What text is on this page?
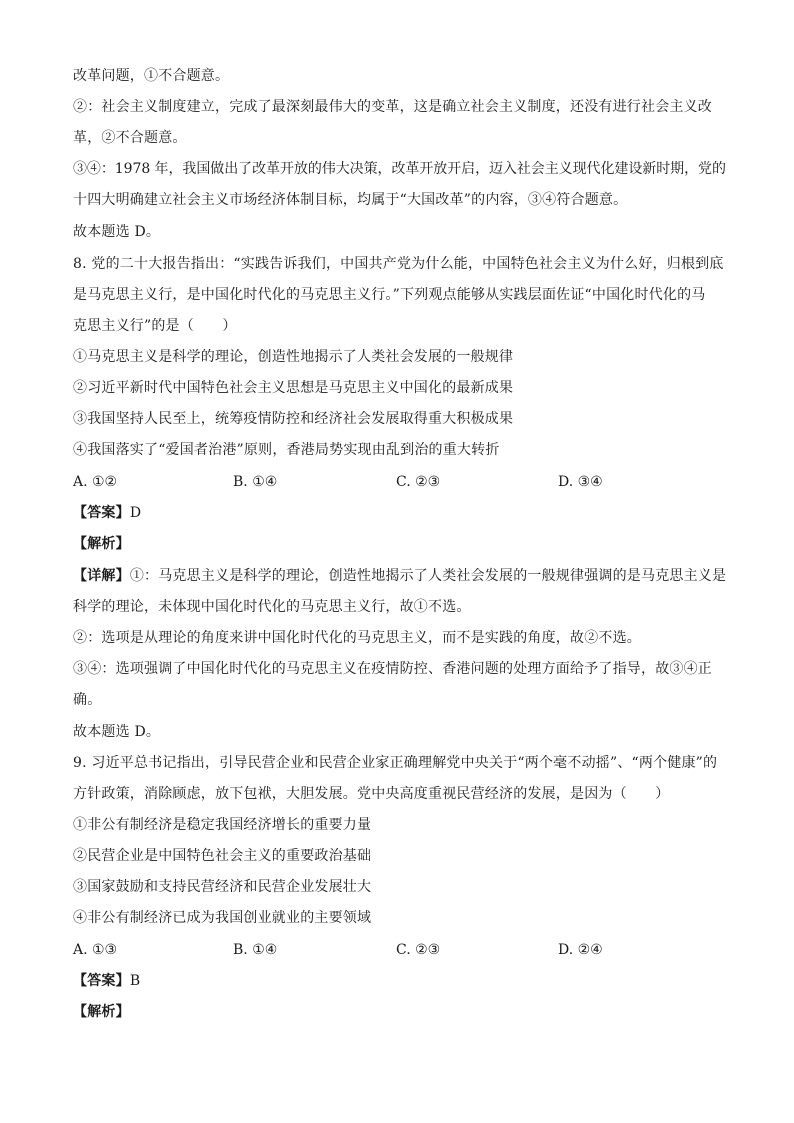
改革问题，①不合题意。
②：社会主义制度建立，完成了最深刻最伟大的变革，这是确立社会主义制度，还没有进行社会主义改
革，②不合题意。
③④：1978 年，我国做出了改革开放的伟大决策，改革开放开启，迈入社会主义现代化建设新时期，党的
十四大明确建立社会主义市场经济体制目标，均属于“大国改革”的内容，③④符合题意。
故本题选 D。
8. 党的二十大报告指出：“实践告诉我们，中国共产党为什么能，中国特色社会主义为什么好，归根到底
是马克思主义行，是中国化时代化的马克思主义行。”下列观点能够从实践层面佐证“中国化时代化的马
克思主义行”的是（　　）
①马克思主义是科学的理论，创造性地揭示了人类社会发展的一般规律
②习近平新时代中国特色社会主义思想是马克思主义中国化的最新成果
③我国坚持人民至上，统筹疫情防控和经济社会发展取得重大积极成果
④我国落实了“爱国者治港”原则，香港局势实现由乱到治的重大转折
A. ①②	B. ①④	C. ②③	D. ③④
【答案】D
【解析】
【详解】①：马克思主义是科学的理论，创造性地揭示了人类社会发展的一般规律强调的是马克思主义是
科学的理论，未体现中国化时代化的马克思主义行，故①不选。
②：选项是从理论的角度来讲中国化时代化的马克思主义，而不是实践的角度，故②不选。
③④：选项强调了中国化时代化的马克思主义在疫情防控、香港问题的处理方面给予了指导，故③④正
确。
故本题选 D。
9. 习近平总书记指出，引导民营企业和民营企业家正确理解党中央关于“两个毫不动摇”、“两个健康”的
方针政策，消除顾虑，放下包袱，大胆发展。党中央高度重视民营经济的发展，是因为（　　）
①非公有制经济是稳定我国经济增长的重要力量
②民营企业是中国特色社会主义的重要政治基础
③国家鼓励和支持民营经济和民营企业发展壮大
④非公有制经济已成为我国创业就业的主要领域
A. ①③	B. ①④	C. ②③	D. ②④
【答案】B
【解析】
